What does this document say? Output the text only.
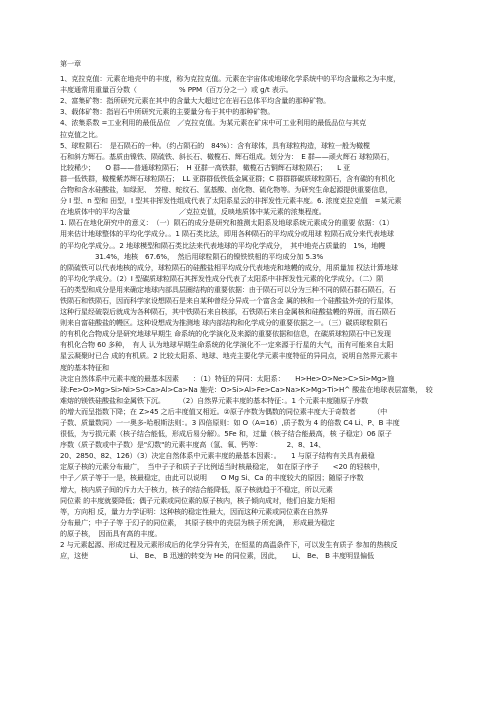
第一章
1、克拉克值：元素在地壳中的丰度，称为克拉克值。元素在宇宙体或地球化学系统中的平均含量称之为丰度，
丰度通常用重量百分数（　　　　　　% PPM（百万分之一）或 g/t 表示。
2、富集矿物：指所研究元素在其中的含量大大超过它在岩石总体平均含量的那种矿物。
3、载体矿物：指岩石中所研究元素的主要量分布于其中的那种矿物。
4、浓集系数 =工业利用的最低品位　／克拉克值。为某元素在矿床中可工业利用的最低品位与其克
拉克值之比。
5、球粒陨石：　是石陨石的一种。（约占陨石的　84%）：含有球体，具有球粒构造，球粒一般为橄榄
石和斜方辉石。基质由镍铁、陨硫铁、斜长石、橄榄石、辉石组成。划分为：　E 群——顽火辉石 球粒陨石，
比较稀少；　　O 群——普通球粒陨石；　H 亚群一高铁群，橄榄石古铜辉石球粒陨石；　　L 亚
群一低铁群，橄榄紫苏辉石球粒陨石；　LL 亚群群低铁低金属亚群；C 群群群碳质球粒陨石，含有碳的有机化
合物和含水硅酸盐，如绿泥、　芳橙、蛇纹石、氢基酸、卤化物、硫化物等。为研究生命起源提供重要信息，
分 I 型、n 型和 田型，I 型其非挥发性组成代表了太阳系星云的非挥发性元素丰度。6. 浓度克拉克值　=某元素
在地质体中的平均含量　　　　　　　／克拉克值，反映地质体中某元素的浓集程度。
1. 陨石在地化研究中的意义：　（一）陨石的成分是研究和推测太阳系及地球系统元素成分的重要 依据：（1）
用来估计地球整体的平均化学成分。。1 陨石类比法，即用各种陨石的平均成分或用球 粒陨石成分来代表地球
的平均化学成分。。2 地球模型和陨石类比法来代表地球的平均化学成分，　其中地壳占质量的　1%，地幔
　　　　　31.4%，地核　67.6%，　然后用球粒陨石的镍铁铁相的平均成分加 5.3%
的陨硫铁可以代表地核的成分，球粒陨石的硅酸盐相平均成分代表地壳和地幔的成分，用质量加 权法计算地球
的平均化学成分。（2）I 型碳质球粒陨石其挥发性成分代表了太阳系中非挥发性元素的化学成分。（二）陨
石的类型和成分是用来确定地球内部具层圈结构的重要依据：由于陨石可以分为三种不同的陨石群石陨石，石
铁陨石和铁陨石，因而科学家设想陨石是来自某种曾经分异成一个富含金 属的核和一个硅酸盐外壳的行星体，
这种行星经破裂后就成为各种陨石，其中铁陨石来自核部，石铁陨石来自金属核和硅酸盐幔的界面，而石陨石
则来自富硅酸盐的幔区。这种设想成为推测地 球内部结构和化学成分的重要依据之一。（三）碳质球粒陨石
的有机化合物成分是研究地球早期生 命系统的化学演化及来源的重要依据和信息，在碳质球粒陨石中已发现
有机化合物 60 多种，　有人 认为地球早期生命系统的化学演化不一定来源于行星的大气，而有可能来自太阳
星云凝聚时已合 成的有机质。2 比较太阳系、地球、地壳主要化学元素丰度特征的异同点，说明自然界元素丰
度的基本特征和
决定自然体系中元素丰度的最基本因素　　：（1）特征的异同：太阳系：　　H>He>O>Ne>C>Si>Mg>施
球:Fe>O>Mg>Si>Ni>S>Ca>Al>Ca>Na 施壳：O>Si>Al>Fe>Ca>Na>K>Mg>Ti>H^ 酸盐在地球表层富集，　较
难熔的镁铁硅酸盐和金属铁下沉。　　　（2）自然界元素丰度的基本特征：。1 个元素丰度随原子序数
的增大而呈指数下降；在 Z>45 之后丰度值又相近。②原子序数为偶数的同位素丰度大于奇数者　　　（中
子数、质量数同）一一奥多-哈根斯法则：。3 四倍原则：如 O（A=16）,质子数为 4 的倍数 C4 Li、P、B 丰度
很低，为亏损元素（核子结合能低，形成后易分解）。5Fe 和，过量（核子结合能最高，核 子稳定）06 原子
序数（质子数或中子数）是"幻数"的元素丰度高（氢、氧、钙等：　　　　2、8、14、
20、2850、82、126）（3）决定自然体系中元素丰度的最基本因素：。　　1 与原子结构有关具有最稳
定原子核的元素分布最广，　当中子子和质子子比例适当时核最稳定，　如在原子序子　　<20 的轻核中，
中子／质子等于一是，核最稳定，由此可以说明　　O Mg Si、Ca 的丰度较大的原因；随原子序数
增大，核内质子间的斥力大于核力，核子的结合能降低，原子核就趋于不稳定，所以元素
同位素 的丰度就要降低；偶子元素或同位素的原子核内，核子倾向成对，他们自旋力矩相
等，方向相 反，量力力学证明：这种核的稳定性最大，因而这种元素或同位素在自然界
分布最广；中子子等 于幻子的同位素，　其原子核中的壳层为核子所充满，　形成最为稳定
的原子核，　因而具有高的丰度。
2 与元素起源、形成过程及元素形成后的化学分异有关，在恒星的高温条件下，可以发生有质子 参加的热核反
应，这使　　　　　　Li、 Be、 B 迅速的转变为 He 的同位素，因此，　　Li、 Be、 B 丰度明显偏低
